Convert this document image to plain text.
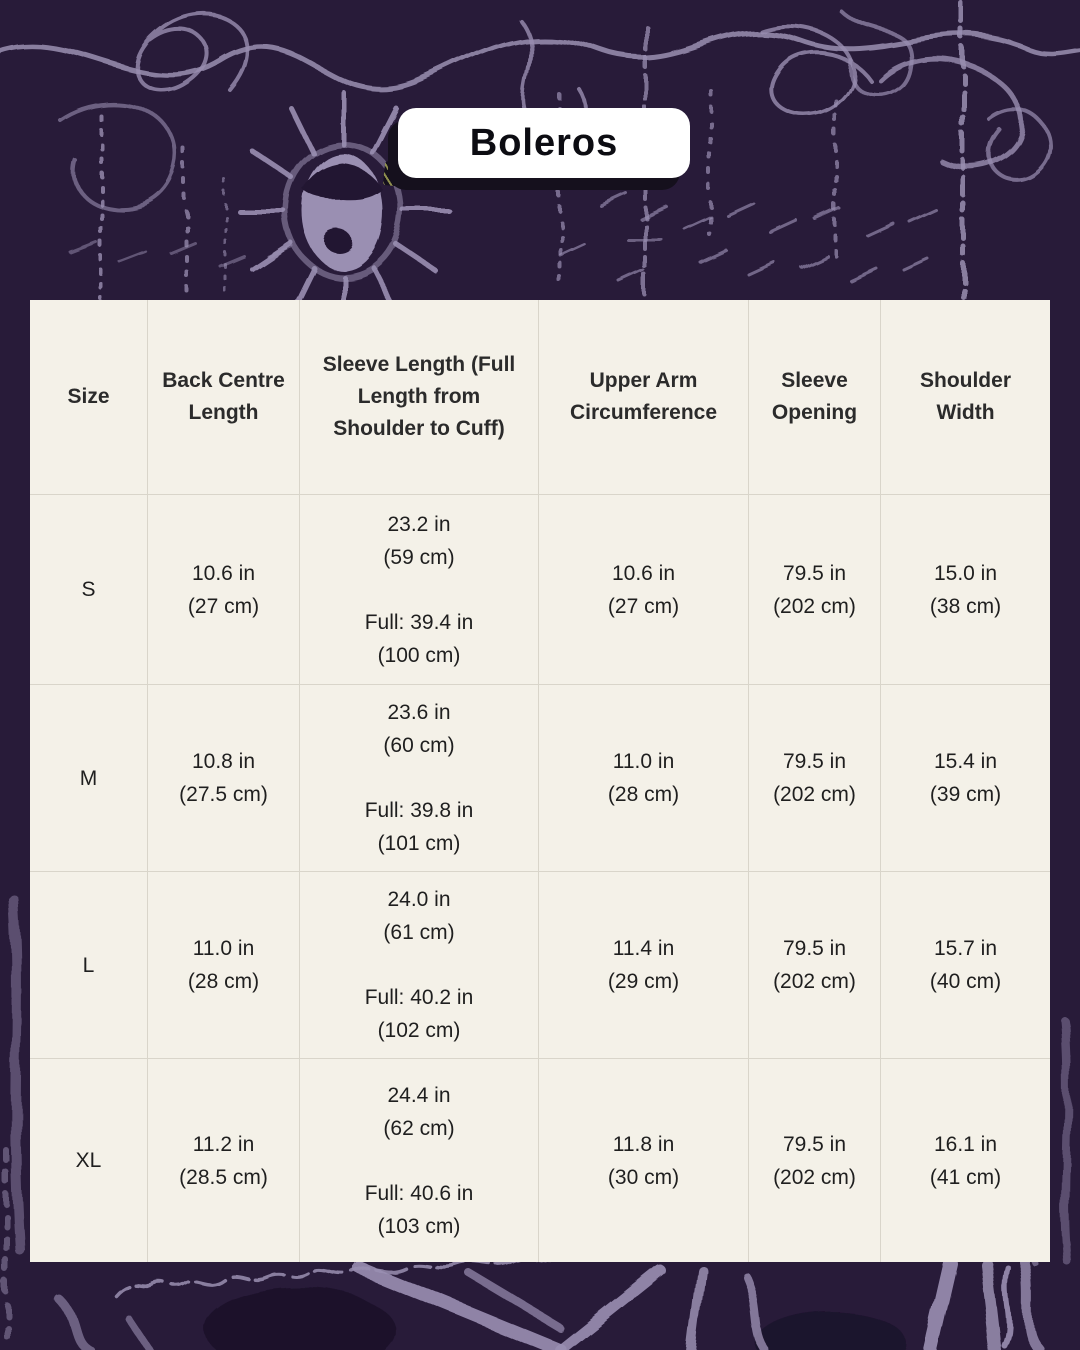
Boleros
Size
Back Centre Length
Sleeve Length (Full Length from Shoulder to Cuff)
Upper Arm Circumference
Sleeve Opening
Shoulder Width
S
10.6 in
(27 cm)
23.2 in
(59 cm)
Full: 39.4 in
(100 cm)
10.6 in
(27 cm)
79.5 in
(202 cm)
15.0 in
(38 cm)
M
10.8 in
(27.5 cm)
23.6 in
(60 cm)
Full: 39.8 in
(101 cm)
11.0 in
(28 cm)
79.5 in
(202 cm)
15.4 in
(39 cm)
L
11.0 in
(28 cm)
24.0 in
(61 cm)
Full: 40.2 in
(102 cm)
11.4 in
(29 cm)
79.5 in
(202 cm)
15.7 in
(40 cm)
XL
11.2 in
(28.5 cm)
24.4 in
(62 cm)
Full: 40.6 in
(103 cm)
11.8 in
(30 cm)
79.5 in
(202 cm)
16.1 in
(41 cm)
